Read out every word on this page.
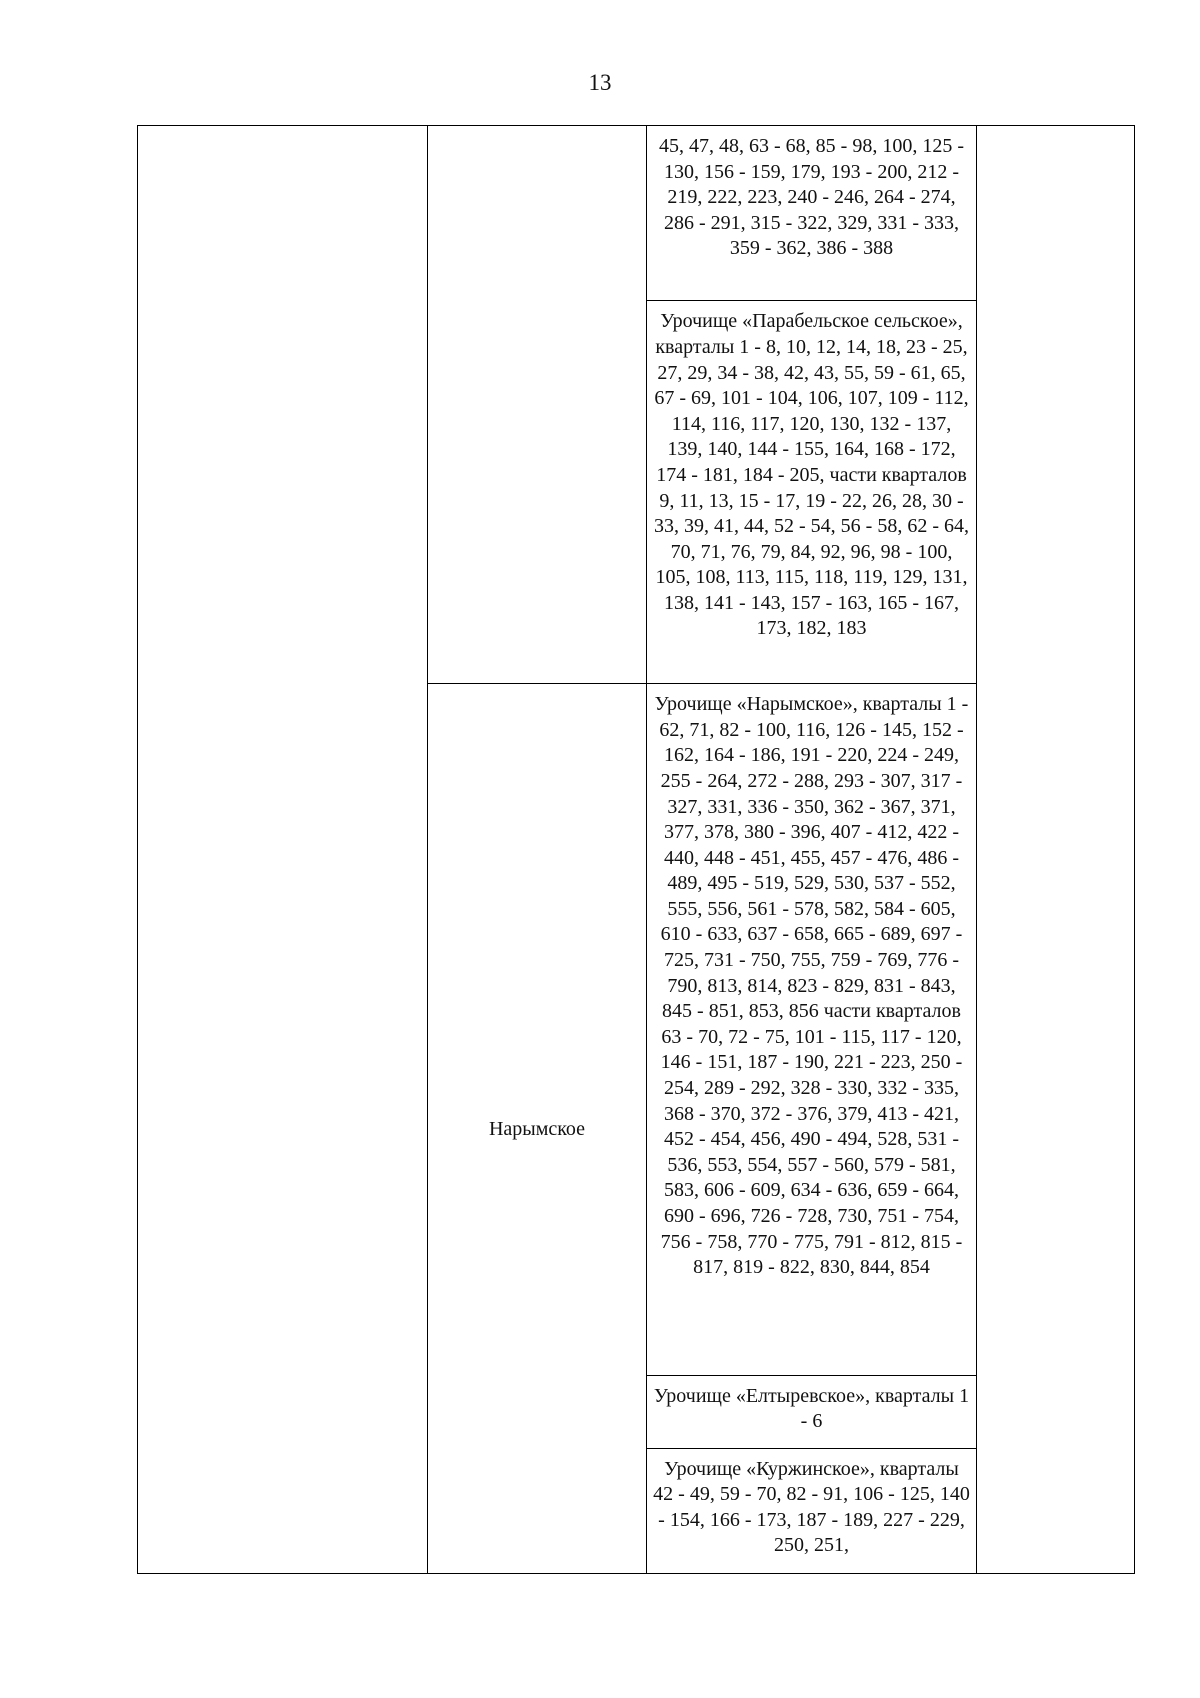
13

		45, 47, 48, 63 - 68, 85 - 98, 100, 125 - 130, 156 - 159, 179, 193 - 200, 212 - 219, 222, 223, 240 - 246, 264 - 274, 286 - 291, 315 - 322, 329, 331 - 333, 359 - 362, 386 - 388	

		Урочище «Парабельское сельское», кварталы 1 - 8, 10, 12, 14, 18, 23 - 25, 27, 29, 34 - 38, 42, 43, 55, 59 - 61, 65, 67 - 69, 101 - 104, 106, 107, 109 - 112, 114, 116, 117, 120, 130, 132 - 137, 139, 140, 144 - 155, 164, 168 - 172, 174 - 181, 184 - 205, части кварталов 9, 11, 13, 15 - 17, 19 - 22, 26, 28, 30 - 33, 39, 41, 44, 52 - 54, 56 - 58, 62 - 64, 70, 71, 76, 79, 84, 92, 96, 98 - 100, 105, 108, 113, 115, 118, 119, 129, 131, 138, 141 - 143, 157 - 163, 165 - 167, 173, 182, 183	

	Нарымское	Урочище «Нарымское», кварталы 1 - 62, 71, 82 - 100, 116, 126 - 145, 152 - 162, 164 - 186, 191 - 220, 224 - 249, 255 - 264, 272 - 288, 293 - 307, 317 - 327, 331, 336 - 350, 362 - 367, 371, 377, 378, 380 - 396, 407 - 412, 422 - 440, 448 - 451, 455, 457 - 476, 486 - 489, 495 - 519, 529, 530, 537 - 552, 555, 556, 561 - 578, 582, 584 - 605, 610 - 633, 637 - 658, 665 - 689, 697 - 725, 731 - 750, 755, 759 - 769, 776 - 790, 813, 814, 823 - 829, 831 - 843, 845 - 851, 853, 856 части кварталов 63 - 70, 72 - 75, 101 - 115, 117 - 120, 146 - 151, 187 - 190, 221 - 223, 250 - 254, 289 - 292, 328 - 330, 332 - 335, 368 - 370, 372 - 376, 379, 413 - 421, 452 - 454, 456, 490 - 494, 528, 531 - 536, 553, 554, 557 - 560, 579 - 581, 583, 606 - 609, 634 - 636, 659 - 664, 690 - 696, 726 - 728, 730, 751 - 754, 756 - 758, 770 - 775, 791 - 812, 815 - 817, 819 - 822, 830, 844, 854	

		Урочище «Елтыревское», кварталы 1 - 6	

		Урочище «Куржинское», кварталы 42 - 49, 59 - 70, 82 - 91, 106 - 125, 140 - 154, 166 - 173, 187 - 189, 227 - 229, 250, 251,	
